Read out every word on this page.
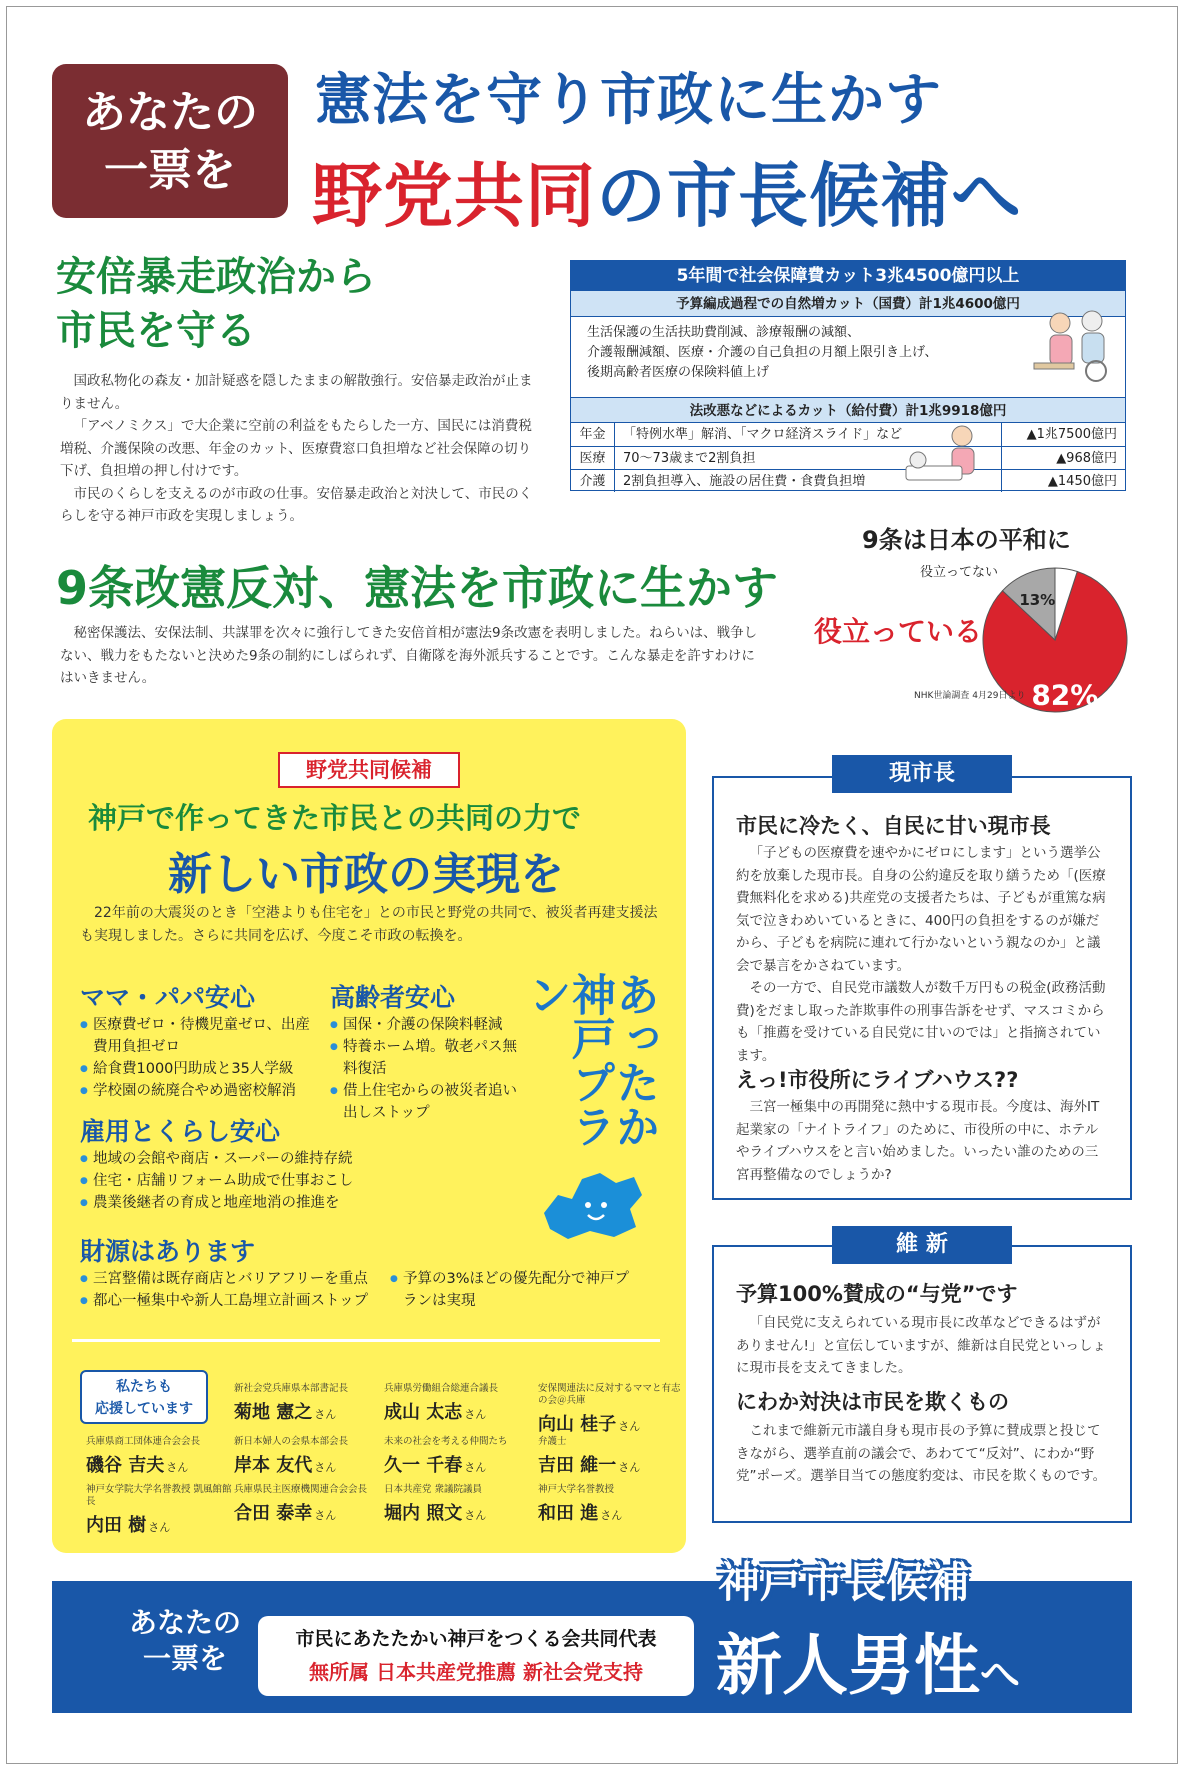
あなたの
一票を
憲法を守り市政に生かす
野党共同の市長候補へ
安倍暴走政治から
市民を守る

国政私物化の森友・加計疑惑を隠したままの解散強行。安倍暴走政治が止まりません。

「アベノミクス」で大企業に空前の利益をもたらした一方、国民には消費税増税、介護保険の改悪、年金のカット、医療費窓口負担増など社会保障の切り下げ、負担増の押し付けです。

市民のくらしを支えるのが市政の仕事。安倍暴走政治と対決して、市民のくらしを守る神戸市政を実現しましょう。

5年間で社会保障費カット3兆4500億円以上
予算編成過程での自然増カット（国費）計1兆4600億円
生活保護の生活扶助費削減、診療報酬の減額、
介護報酬減額、医療・介護の自己負担の月額上限引き上げ、
後期高齢者医療の保険料値上げ
法改悪などによるカット（給付費）計1兆9918億円
年金	「特例水準」解消、「マクロ経済スライド」など	▲1兆7500億円
医療	70～73歳まで2割負担	▲968億円
介護	2割負担導入、施設の居住費・食費負担増	▲1450億円
9条改憲反対、憲法を市政に生かす
秘密保護法、安保法制、共謀罪を次々に強行してきた安倍首相が憲法9条改憲を表明しました。ねらいは、戦争しない、戦力をもたないと決めた9条の制約にしばられず、自衛隊を海外派兵することです。こんな暴走を許すわけにはいきません。
9条は日本の平和に
82%
13%
役立ってない
役立っている
NHK世論調査 4月29日より
野党共同候補
神戸で作ってきた市民との共同の力で
新しい市政の実現を
22年前の大震災のとき「空港よりも住宅を」との市民と野党の共同で、被災者再建支援法も実現しました。さらに共同を広げ、今度こそ市政の転換を。
ママ・パパ安心
● 医療費ゼロ・待機児童ゼロ、出産費用負担ゼロ
● 給食費1000円助成と35人学級
● 学校園の統廃合やめ過密校解消
高齢者安心
● 国保・介護の保険料軽減
● 特養ホーム増。敬老パス無料復活
● 借上住宅からの被災者追い出しストップ	あったか神戸プラン
雇用とくらし安心
● 地域の会館や商店・スーパーの維持存続
● 住宅・店舗リフォーム助成で仕事おこし
● 農業後継者の育成と地産地消の推進を
財源はあります
● 三宮整備は既存商店とバリアフリーを重点
● 都心一極集中や新人工島埋立計画ストップ
● 予算の3%ほどの優先配分で神戸プランは実現
私たちも
応援しています
新社会党兵庫県本部書記長
菊地 憲之 さん
兵庫県労働組合総連合議長
成山 太志 さん
安保関連法に反対するママと有志の会＠兵庫
向山 桂子 さん
兵庫県商工団体連合会会長
磯谷 吉夫 さん
新日本婦人の会県本部会長
岸本 友代 さん
未来の社会を考える仲間たち
久一 千春 さん
弁護士
吉田 維一 さん
神戸女学院大学名誉教授 凱風館館長
内田 樹 さん
兵庫県民主医療機関連合会会長
合田 泰幸 さん
日本共産党 衆議院議員
堀内 照文 さん
神戸大学名誉教授
和田 進 さん
現市長
市民に冷たく、自民に甘い現市長

「子どもの医療費を速やかにゼロにします」という選挙公約を放棄した現市長。自身の公約違反を取り繕うため「(医療費無料化を求める)共産党の支援者たちは、子どもが重篤な病気で泣きわめいているときに、400円の負担をするのが嫌だから、子どもを病院に連れて行かないという親なのか」と議会で暴言をかさねています。

その一方で、自民党市議数人が数千万円もの税金(政務活動費)をだまし取った詐欺事件の刑事告訴をせず、マスコミからも「推薦を受けている自民党に甘いのでは」と指摘されています。

えっ!市役所にライブハウス??
三宮一極集中の再開発に熱中する現市長。今度は、海外IT起業家の「ナイトライフ」のために、市役所の中に、ホテルやライブハウスをと言い始めました。いったい誰のための三宮再整備なのでしょうか?
維 新
予算100%賛成の“与党”です
「自民党に支えられている現市長に改革などできるはずがありません!」と宣伝していますが、維新は自民党といっしょに現市長を支えてきました。
にわか対決は市民を欺くもの
これまで維新元市議自身も現市長の予算に賛成票と投じてきながら、選挙直前の議会で、あわてて“反対”、にわか“野党”ポーズ。選挙目当ての態度豹変は、市民を欺くものです。
あなたの
一票を
市民にあたたかい神戸をつくる会共同代表
無所属 日本共産党推薦 新社会党支持
神戸市長候補
新人男性へ
